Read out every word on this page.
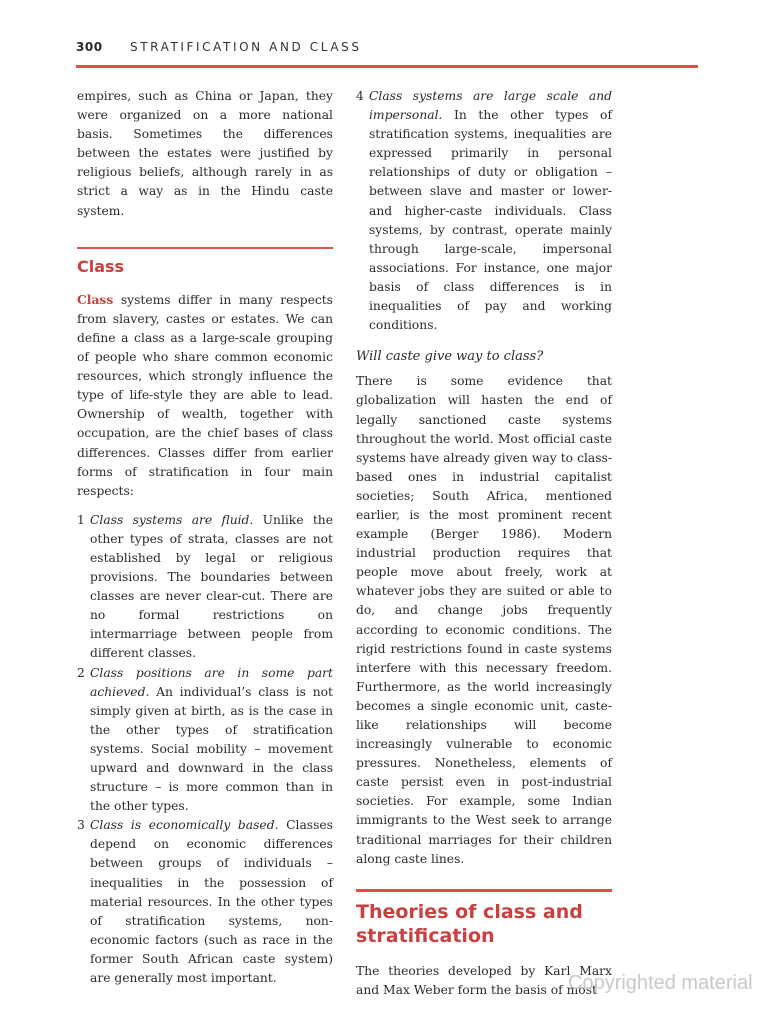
300 STRATIFICATION AND CLASS

empires, such as China or Japan, they were organized on a more national basis. Sometimes the differences between the estates were justified by religious beliefs, although rarely in as strict a way as in the Hindu caste system.

Class

Class systems differ in many respects from slavery, castes or estates. We can define a class as a large-scale grouping of people who share common economic resources, which strongly influence the type of life-style they are able to lead. Ownership of wealth, together with occupation, are the chief bases of class differences. Classes differ from earlier forms of stratification in four main respects:

1 Class systems are fluid. Unlike the other types of strata, classes are not established by legal or religious provisions. The boundaries between classes are never clear-cut. There are no formal restrictions on intermarriage between people from different classes.
2 Class positions are in some part achieved. An individual’s class is not simply given at birth, as is the case in the other types of stratification systems. Social mobility – movement upward and downward in the class structure – is more common than in the other types.
3 Class is economically based. Classes depend on economic differences between groups of individuals – inequalities in the possession of material resources. In the other types of stratification systems, non-economic factors (such as race in the former South African caste system) are generally most important.
4 Class systems are large scale and impersonal. In the other types of stratification systems, inequalities are expressed primarily in personal relationships of duty or obligation – between slave and master or lower- and higher-caste individuals. Class systems, by contrast, operate mainly through large-scale, impersonal associations. For instance, one major basis of class differences is in inequalities of pay and working conditions.

Will caste give way to class?

There is some evidence that globalization will hasten the end of legally sanctioned caste systems throughout the world. Most official caste systems have already given way to class-based ones in industrial capitalist societies; South Africa, mentioned earlier, is the most prominent recent example (Berger 1986). Modern industrial production requires that people move about freely, work at whatever jobs they are suited or able to do, and change jobs frequently according to economic conditions. The rigid restrictions found in caste systems interfere with this necessary freedom. Furthermore, as the world increasingly becomes a single economic unit, caste-like relationships will become increasingly vulnerable to economic pressures. Nonetheless, elements of caste persist even in post-industrial societies. For example, some Indian immigrants to the West seek to arrange traditional marriages for their children along caste lines.

Theories of class and stratification

The theories developed by Karl Marx and Max Weber form the basis of most

Copyrighted material
